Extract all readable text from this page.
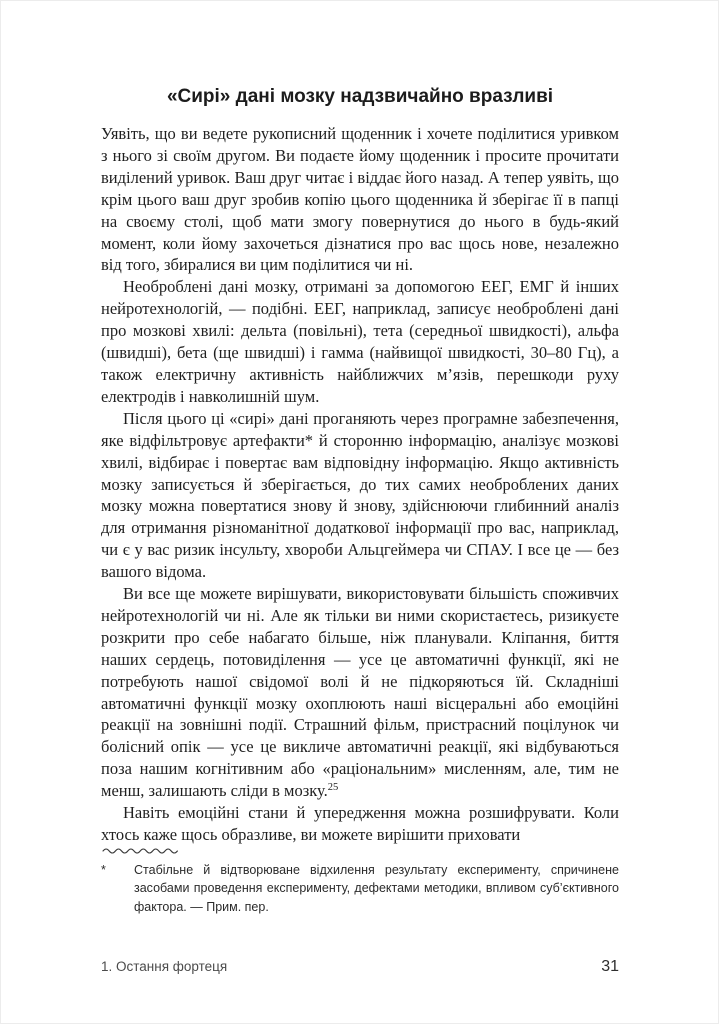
«Сирі» дані мозку надзвичайно вразливі

Уявіть, що ви ведете рукописний щоденник і хочете поділитися уривком з нього зі своїм другом. Ви подаєте йому щоденник і просите прочитати виділений уривок. Ваш друг читає і віддає його назад. А тепер уявіть, що крім цього ваш друг зробив копію цього щоденника й зберігає її в папці на своєму столі, щоб мати змогу повернутися до нього в будь-який момент, коли йому захочеться дізнатися про вас щось нове, незалежно від того, збиралися ви цим поділитися чи ні.

Необроблені дані мозку, отримані за допомогою ЕЕГ, ЕМГ й інших нейротехнологій, — подібні. ЕЕГ, наприклад, записує необроблені дані про мозкові хвилі: дельта (повільні), тета (середньої швидкості), альфа (швидші), бета (ще швидші) і гамма (найвищої швидкості, 30–80 Гц), а також електричну активність найближчих м’язів, перешкоди руху електродів і навколишній шум.

Після цього ці «сирі» дані проганяють через програмне забезпечення, яке відфільтровує артефакти* й сторонню інформацію, аналізує мозкові хвилі, відбирає і повертає вам відповідну інформацію. Якщо активність мозку записується й зберігається, до тих самих необроблених даних мозку можна повертатися знову й знову, здійснюючи глибинний аналіз для отримання різноманітної додаткової інформації про вас, наприклад, чи є у вас ризик інсульту, хвороби Альцгеймера чи СПАУ. І все це — без вашого відома.

Ви все ще можете вирішувати, використовувати більшість споживчих нейротехнологій чи ні. Але як тільки ви ними скористаєтесь, ризикуєте розкрити про себе набагато більше, ніж планували. Кліпання, биття наших сердець, потовиділення — усе це автоматичні функції, які не потребують нашої свідомої волі й не підкоряються їй. Складніші автоматичні функції мозку охоплюють наші вісцеральні або емоційні реакції на зовнішні події. Страшний фільм, пристрасний поцілунок чи болісний опік — усе це викличе автоматичні реакції, які відбуваються поза нашим когнітивним або «раціональним» мисленням, але, тим не менш, залишають сліди в мозку.$^{25}$

Навіть емоційні стани й упередження можна розшифрувати. Коли хтось каже щось образливе, ви можете вирішити приховати

*	Стабільне й відтворюване відхилення результату експерименту, спричинене засобами проведення експерименту, дефектами методики, впливом суб’єктивного фактора. — Прим. пер.
1. Остання фортеця	31
